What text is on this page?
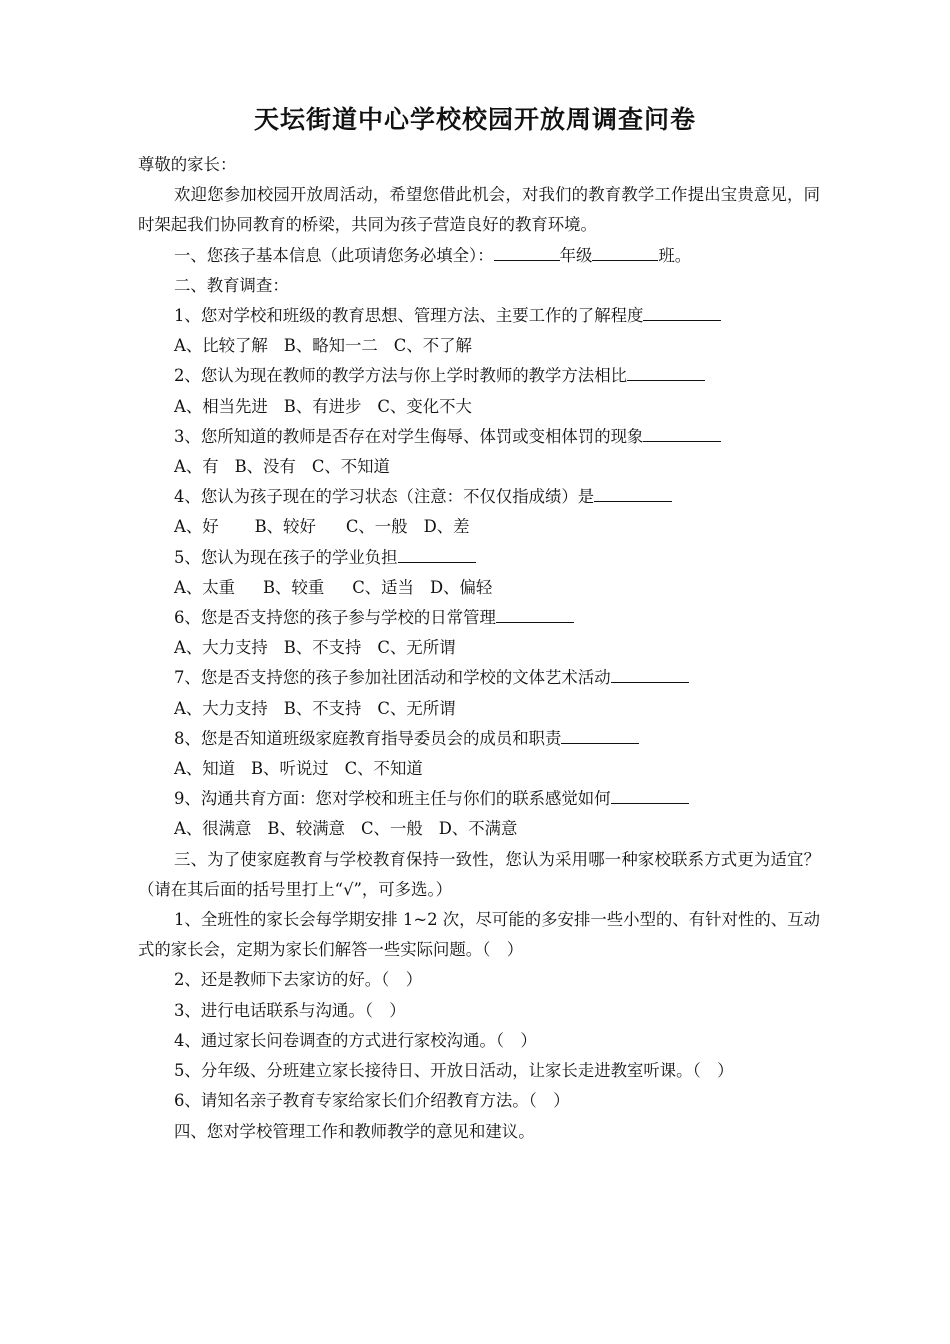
天坛街道中心学校校园开放周调查问卷
尊敬的家长：
欢迎您参加校园开放周活动，希望您借此机会，对我们的教育教学工作提出宝贵意见，同时架起我们协同教育的桥梁，共同为孩子营造良好的教育环境。
一、您孩子基本信息（此项请您务必填全）：	年级	班。
二、教育调查：
1、您对学校和班级的教育思想、管理方法、主要工作的了解程度
A、比较了解 B、略知一二 C、不了解
2、您认为现在教师的教学方法与你上学时教师的教学方法相比
A、相当先进 B、有进步 C、变化不大
3、您所知道的教师是否存在对学生侮辱、体罚或变相体罚的现象
A、有 B、没有 C、不知道
4、您认为孩子现在的学习状态（注意：不仅仅指成绩）是
A、好 B、较好 C、一般 D、差
5、您认为现在孩子的学业负担
A、太重 B、较重 C、适当 D、偏轻
6、您是否支持您的孩子参与学校的日常管理
A、大力支持 B、不支持 C、无所谓
7、您是否支持您的孩子参加社团活动和学校的文体艺术活动
A、大力支持 B、不支持 C、无所谓
8、您是否知道班级家庭教育指导委员会的成员和职责
A、知道 B、听说过 C、不知道
9、沟通共育方面：您对学校和班主任与你们的联系感觉如何
A、很满意 B、较满意 C、一般 D、不满意
三、为了使家庭教育与学校教育保持一致性，您认为采用哪一种家校联系方式更为适宜？（请在其后面的括号里打上“√”，可多选。）
1、全班性的家长会每学期安排 1~2 次，尽可能的多安排一些小型的、有针对性的、互动式的家长会，定期为家长们解答一些实际问题。（　）
2、还是教师下去家访的好。（　）
3、进行电话联系与沟通。（　）
4、通过家长问卷调查的方式进行家校沟通。（　）
5、分年级、分班建立家长接待日、开放日活动，让家长走进教室听课。（　）
6、请知名亲子教育专家给家长们介绍教育方法。（　）
四、您对学校管理工作和教师教学的意见和建议。
